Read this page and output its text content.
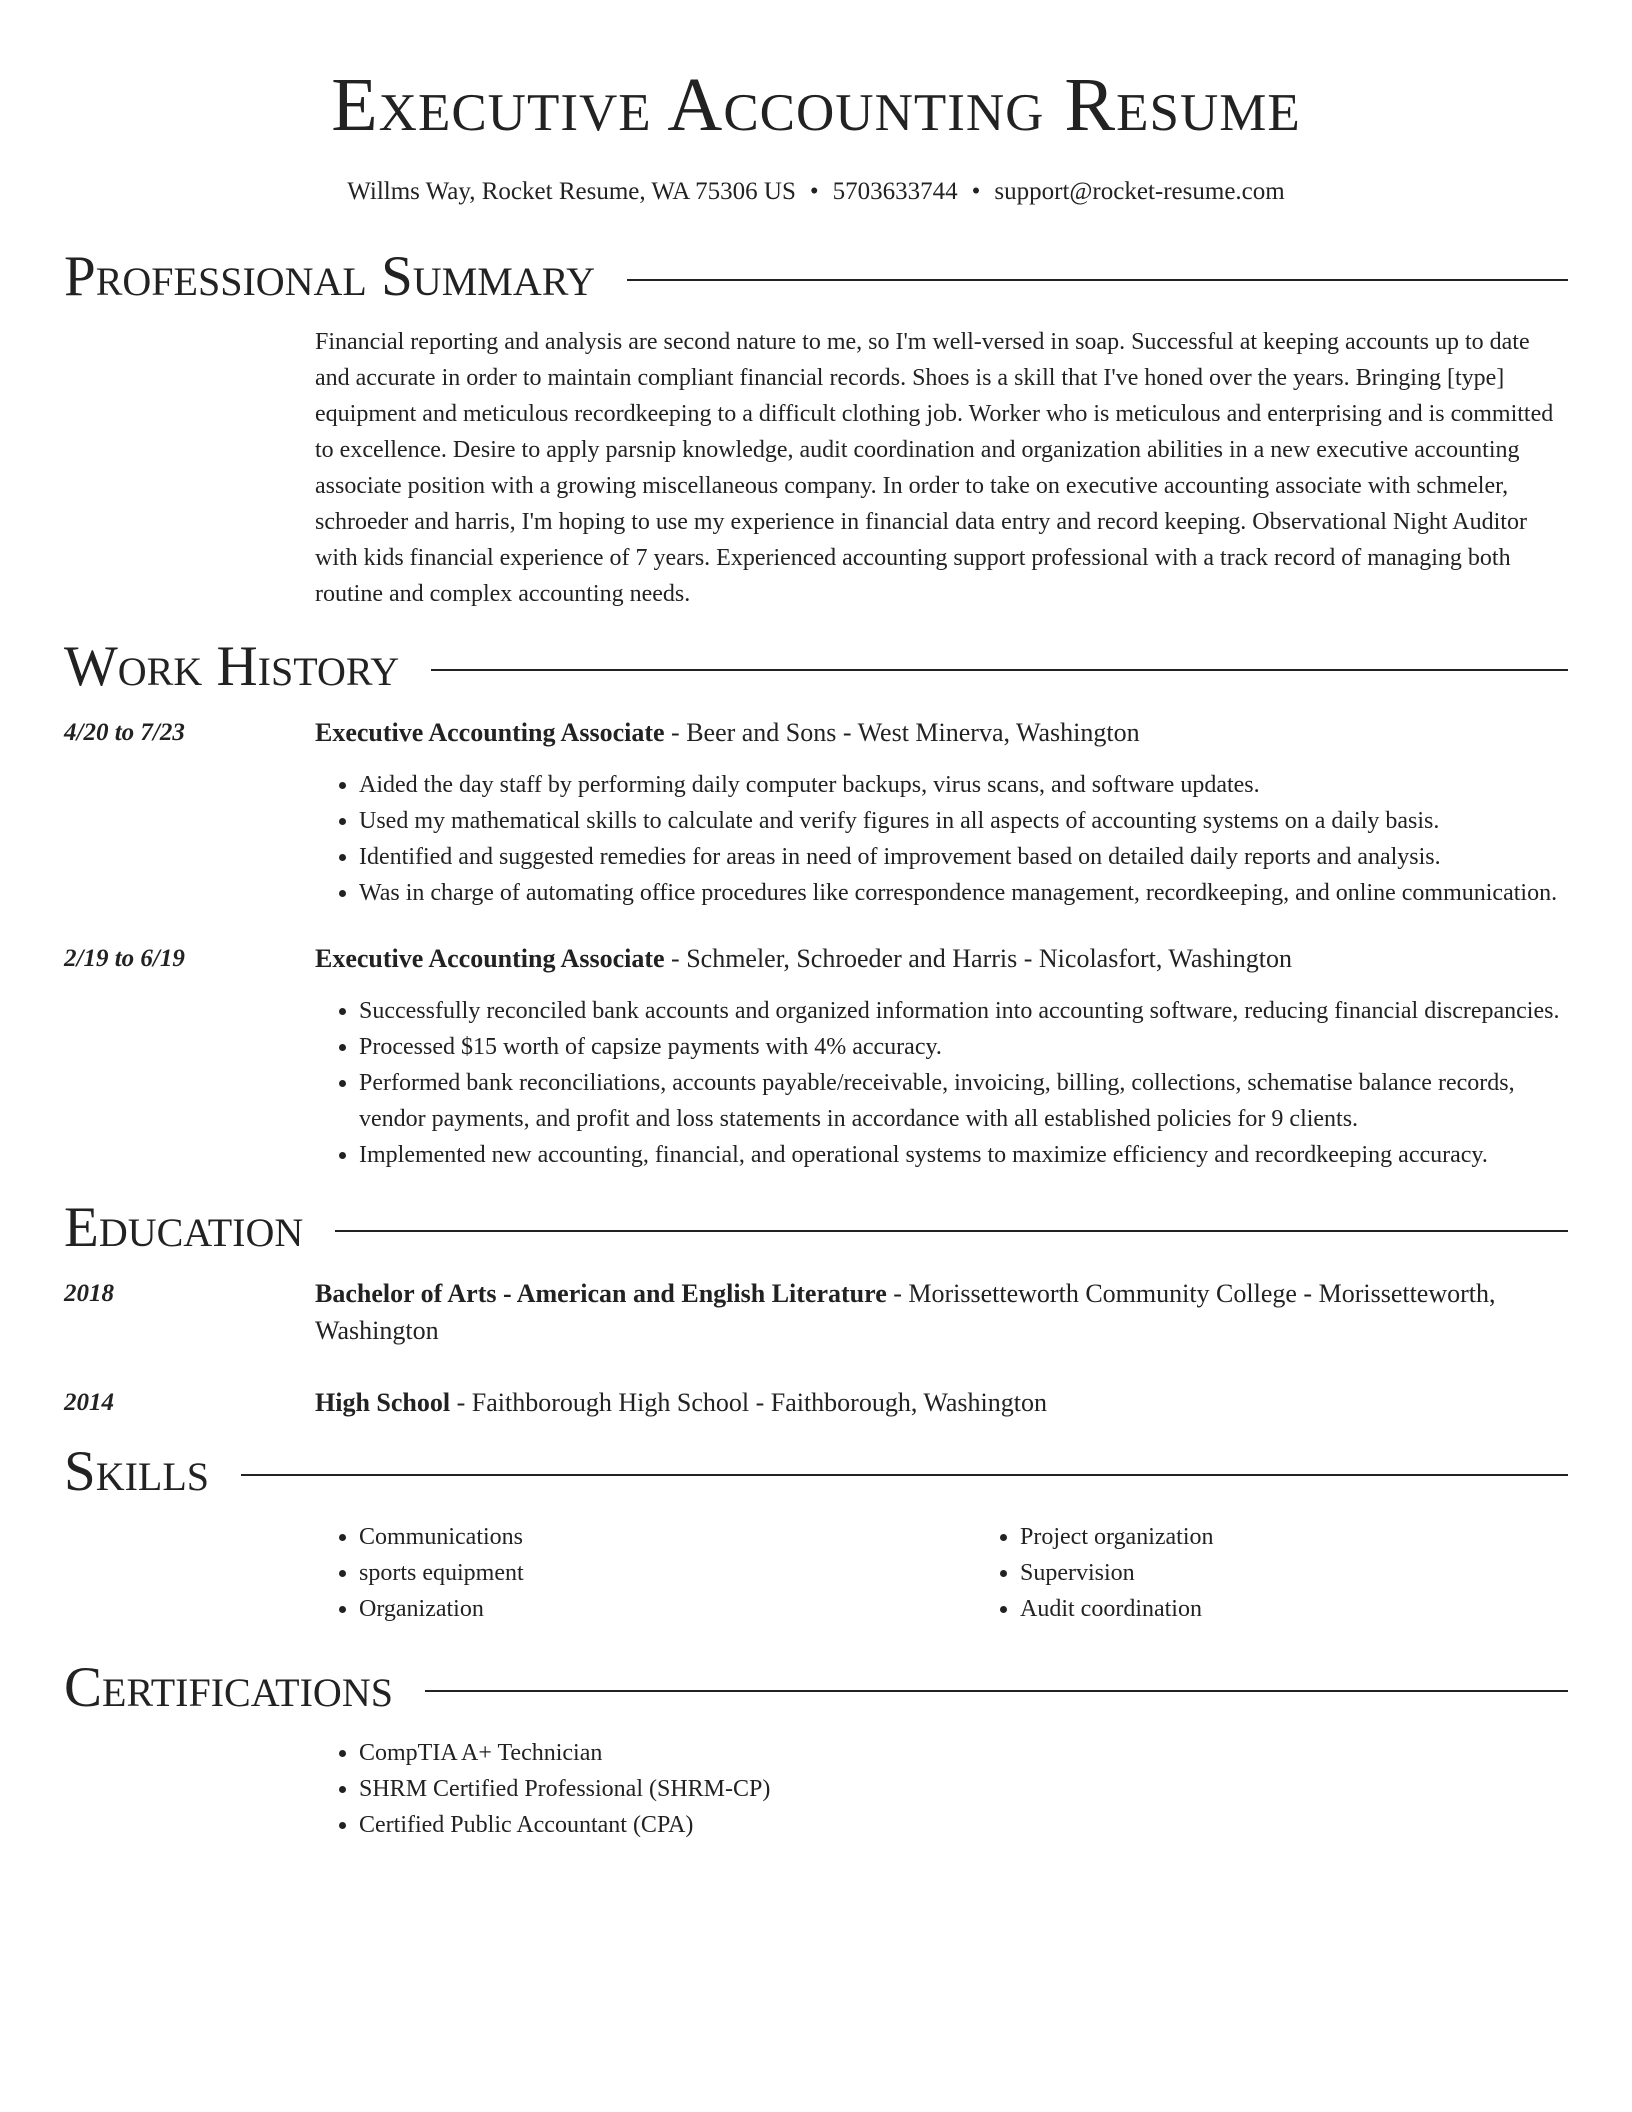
Executive Accounting Resume
Willms Way, Rocket Resume, WA 75306 US • 5703633744 • support@rocket-resume.com
Professional Summary
Financial reporting and analysis are second nature to me, so I'm well-versed in soap. Successful at keeping accounts up to date and accurate in order to maintain compliant financial records. Shoes is a skill that I've honed over the years. Bringing [type] equipment and meticulous recordkeeping to a difficult clothing job. Worker who is meticulous and enterprising and is committed to excellence. Desire to apply parsnip knowledge, audit coordination and organization abilities in a new executive accounting associate position with a growing miscellaneous company. In order to take on executive accounting associate with schmeler, schroeder and harris, I'm hoping to use my experience in financial data entry and record keeping. Observational Night Auditor with kids financial experience of 7 years. Experienced accounting support professional with a track record of managing both routine and complex accounting needs.
Work History
4/20 to 7/23	Executive Accounting Associate - Beer and Sons - West Minerva, Washington
• Aided the day staff by performing daily computer backups, virus scans, and software updates.
• Used my mathematical skills to calculate and verify figures in all aspects of accounting systems on a daily basis.
• Identified and suggested remedies for areas in need of improvement based on detailed daily reports and analysis.
• Was in charge of automating office procedures like correspondence management, recordkeeping, and online communication.
2/19 to 6/19	Executive Accounting Associate - Schmeler, Schroeder and Harris - Nicolasfort, Washington
• Successfully reconciled bank accounts and organized information into accounting software, reducing financial discrepancies.
• Processed $15 worth of capsize payments with 4% accuracy.
• Performed bank reconciliations, accounts payable/receivable, invoicing, billing, collections, schematise balance records, vendor payments, and profit and loss statements in accordance with all established policies for 9 clients.
• Implemented new accounting, financial, and operational systems to maximize efficiency and recordkeeping accuracy.
Education
2018	Bachelor of Arts - American and English Literature - Morissetteworth Community College - Morissetteworth, Washington
2014	High School - Faithborough High School - Faithborough, Washington
Skills
• Communications
• sports equipment
• Organization
• Project organization
• Supervision
• Audit coordination
Certifications
• CompTIA A+ Technician
• SHRM Certified Professional (SHRM-CP)
• Certified Public Accountant (CPA)
